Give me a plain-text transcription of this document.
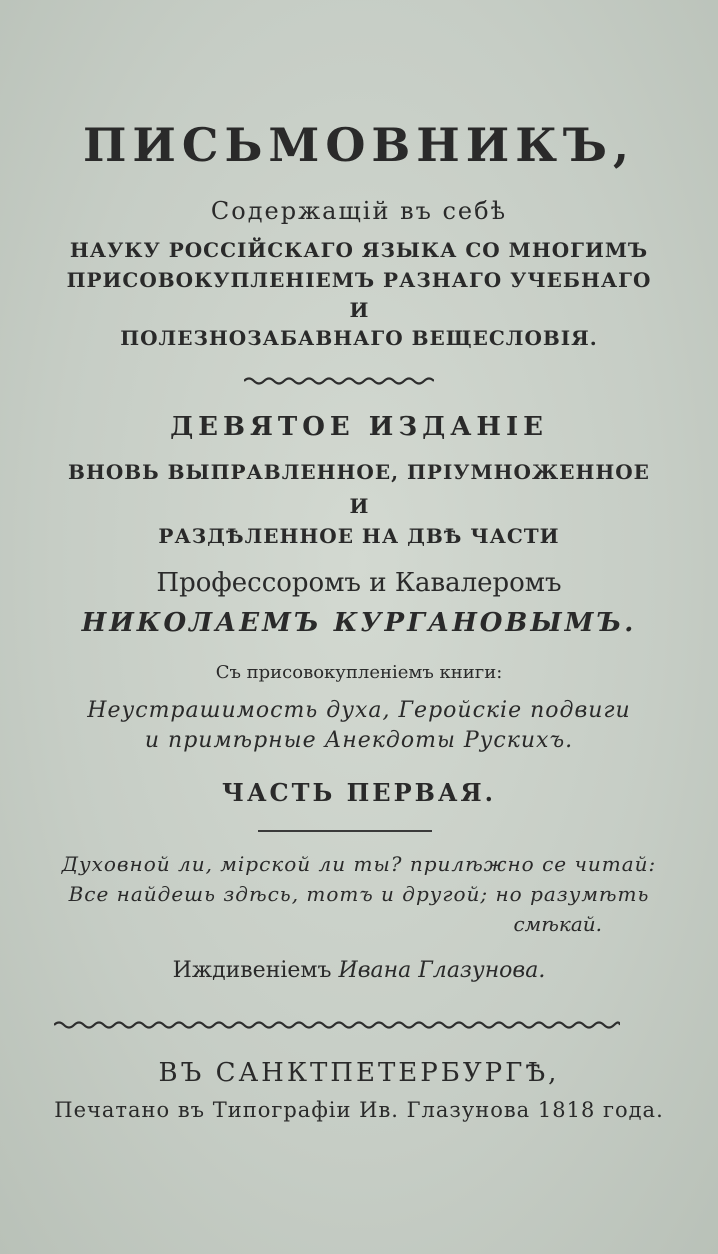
ПИСЬМОВНИКЪ,
Содержащій въ себѣ
НАУКУ РОССІЙСКАГО ЯЗЫКА СО МНОГИМЪ
ПРИСОВОКУПЛЕНІЕМЪ РАЗНАГО УЧЕБНАГО
И
ПОЛЕЗНОЗАБАВНАГО ВЕЩЕСЛОВІЯ.
ДЕВЯТОЕ ИЗДАНІЕ
ВНОВЬ ВЫПРАВЛЕННОЕ, ПРІУМНОЖЕННОЕ
И
РАЗДѢЛЕННОЕ НА ДВѢ ЧАСТИ
Профессоромъ и Кавалеромъ
НИКОЛАЕМЪ КУРГАНОВЫМЪ.
Съ присовокупленіемъ книги:
Неустрашимость духа, Геройскіе подвиги
и примѣрные Анекдоты Рускихъ.
ЧАСТЬ ПЕРВАЯ.
Духовной ли, мірской ли ты? прилѣжно се читай:
Все найдешь здѣсь, тотъ и другой; но разумѣть
смѣкай.
Иждивеніемъ Ивана Глазунова.
ВЪ САНКТПЕТЕРБУРГѢ,
Печатано въ Типографіи Ив. Глазунова 1818 года.
